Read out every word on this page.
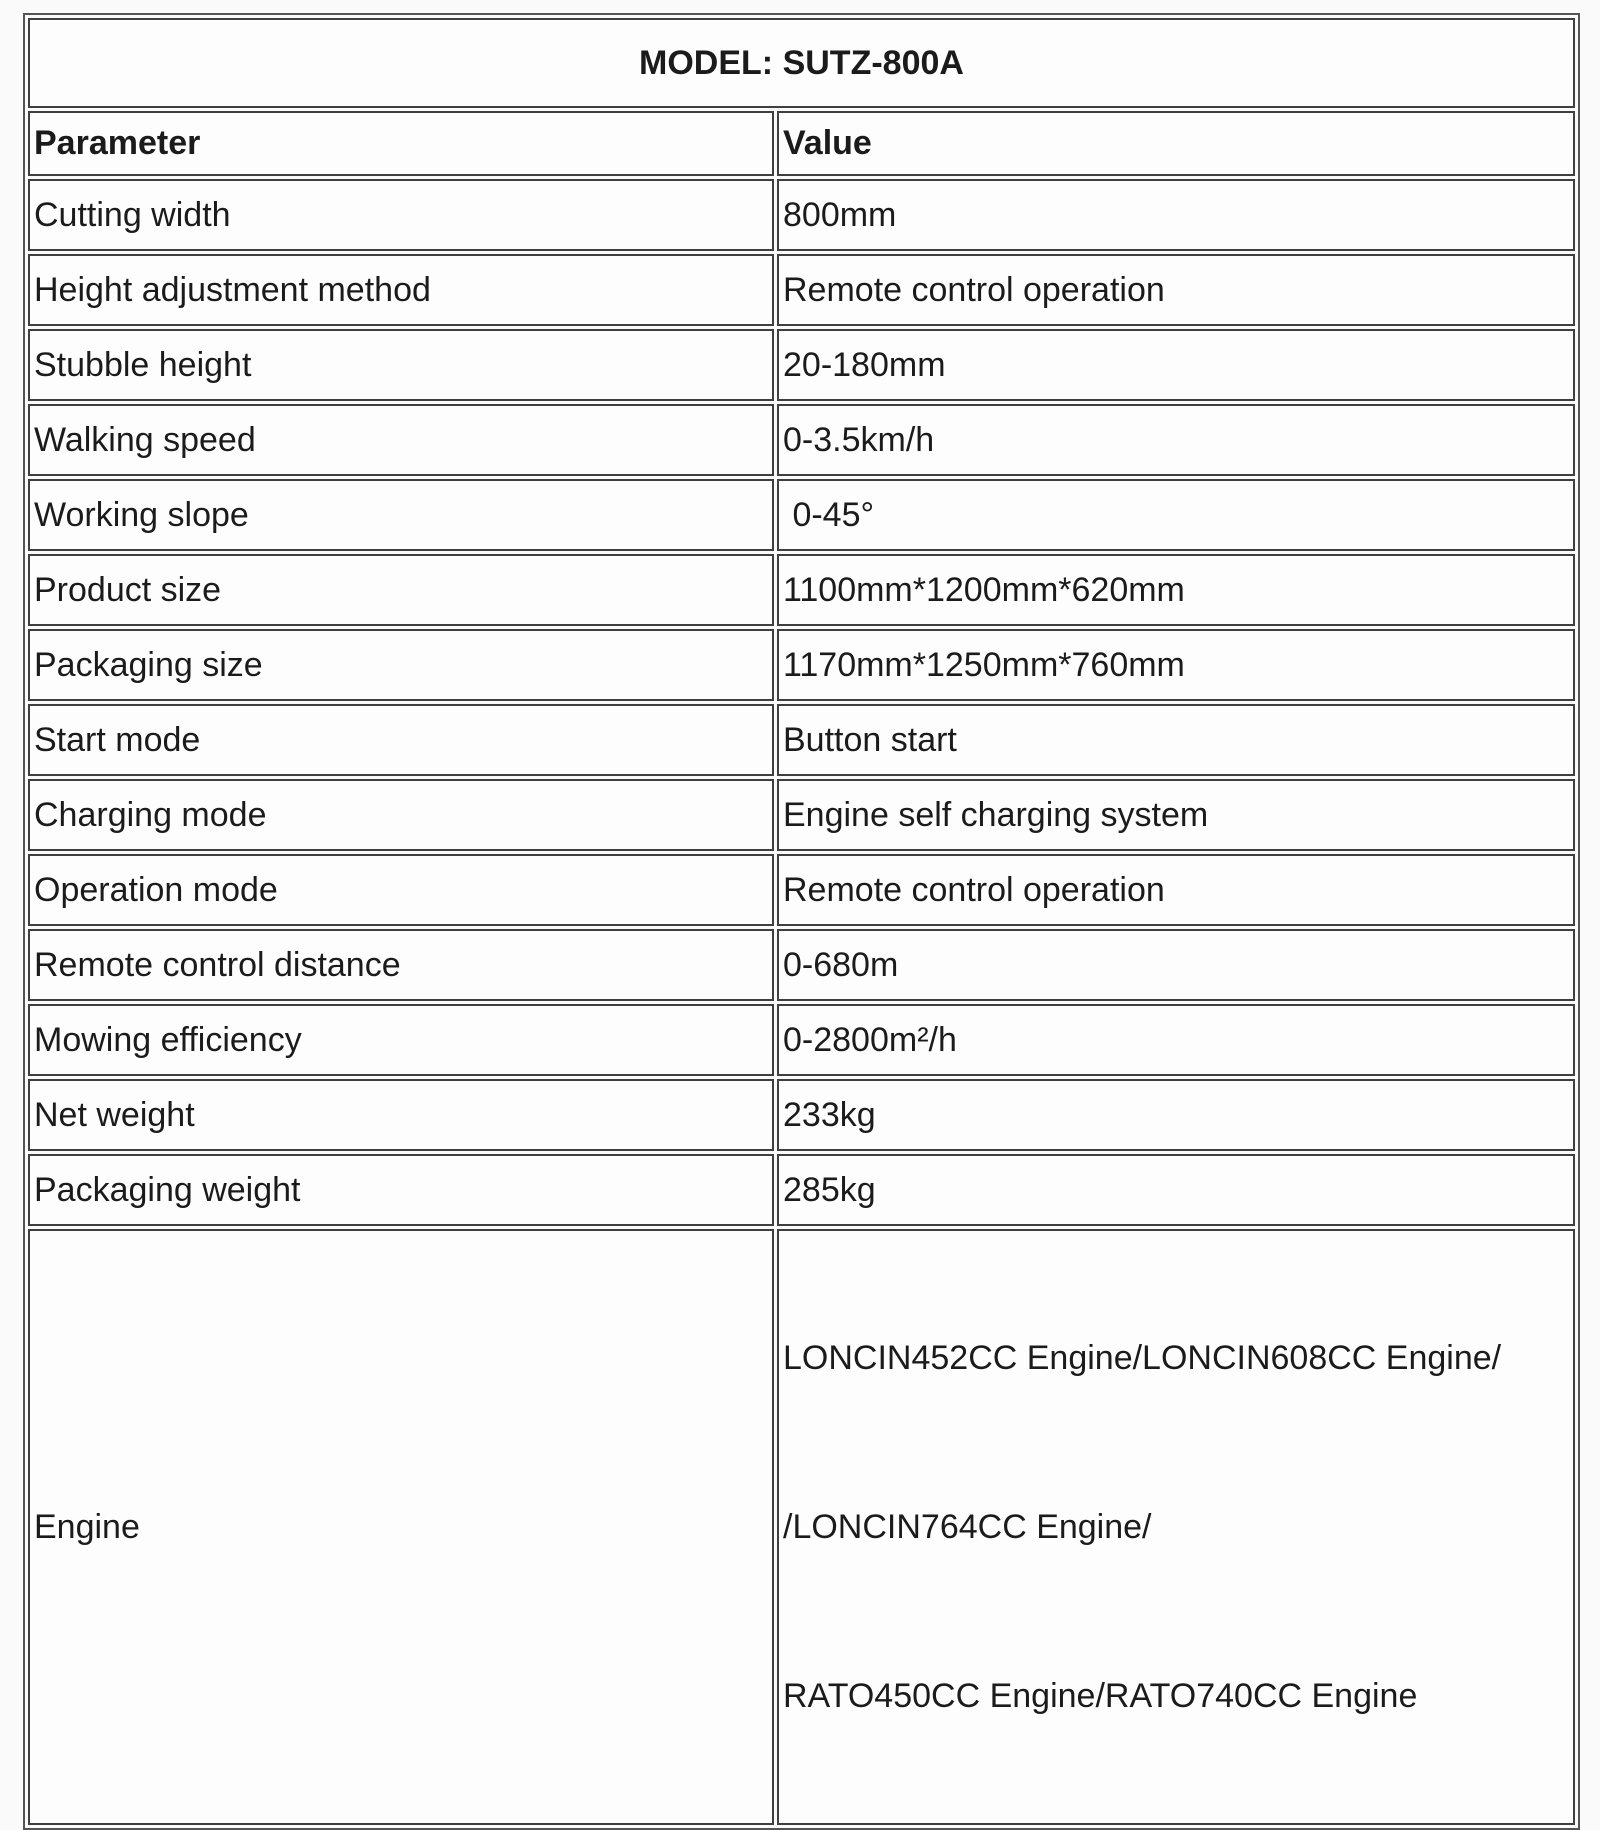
MODEL: SUTZ-800A	
Parameter	Value
Cutting width	800mm
Height adjustment method	Remote control operation
Stubble height	20-180mm
Walking speed	0-3.5km/h
Working slope	0-45°
Product size	1100mm*1200mm*620mm
Packaging size	1170mm*1250mm*760mm
Start mode	Button start
Charging mode	Engine self charging system
Operation mode	Remote control operation
Remote control distance	0-680m
Mowing efficiency	0-2800m²/h
Net weight	233kg
Packaging weight	285kg
Engine	LONCIN452CC Engine/LONCIN608CC Engine/

/LONCIN764CC Engine/

RATO450CC Engine/RATO740CC Engine
